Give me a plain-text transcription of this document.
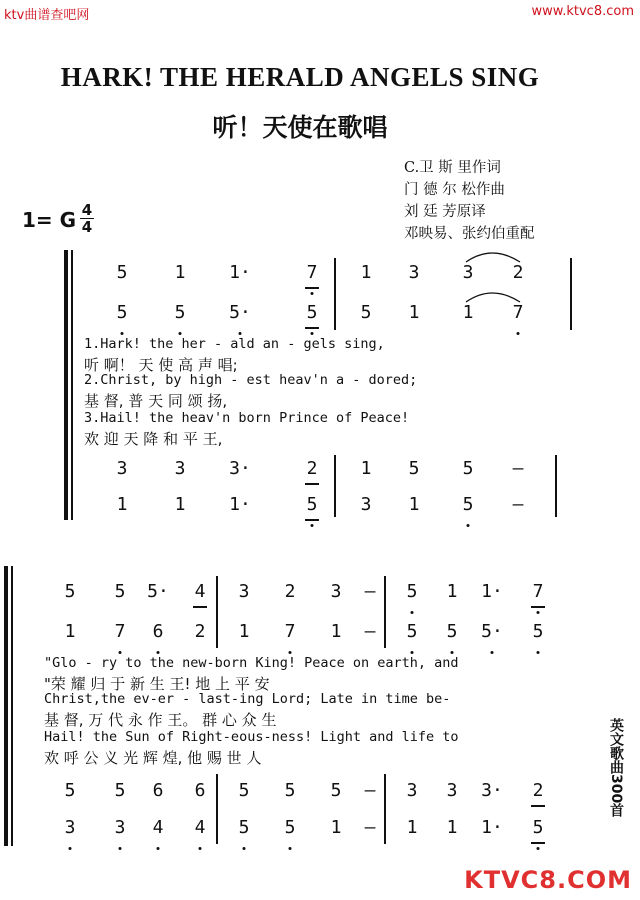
ktv曲谱查吧网	www.ktvc8.com
KTVC8.COM
HARK! THE HERALD ANGELS SING
听！天使在歌唱
C.卫 斯 里作词
门 德 尔 松作曲
刘 廷 芳原译
邓映易、张约伯重配
1= G 4
4
英文歌曲300首
5	1 1·	7 1 3 3 2
5	5 5·	5 5 1 1 7
1.Hark! the her - ald an - gels sing,
听 啊！ 天 使 高 声 唱;
2.Christ, by high - est heav'n a - dored;
基 督, 普 天 同 颂 扬,
3.Hail! the heav'n born Prince of Peace!
欢 迎 天 降 和 平 王,
3	3 3·	2 1 5 5 –
1	1 1·	5 3 1 5 –
5 5 5· 4 3 2 3 – 5 1 1· 7
1 7 6 2 1 7 1 – 5 5 5· 5
"Glo - ry to the new-born King! Peace on earth, and
"荣 耀 归 于 新 生 王! 地 上 平 安
Christ,the ev-er - last-ing Lord; Late in time be-
基 督, 万 代 永 作 王。 群 心 众 生
Hail! the Sun of Right-eous-ness! Light and life to
欢 呼 公 义 光 辉 煌, 他 赐 世 人
5 5 6 6 5 5 5 – 3 3 3· 2
3 3 4 4 5 5 1 – 1 1 1· 5
